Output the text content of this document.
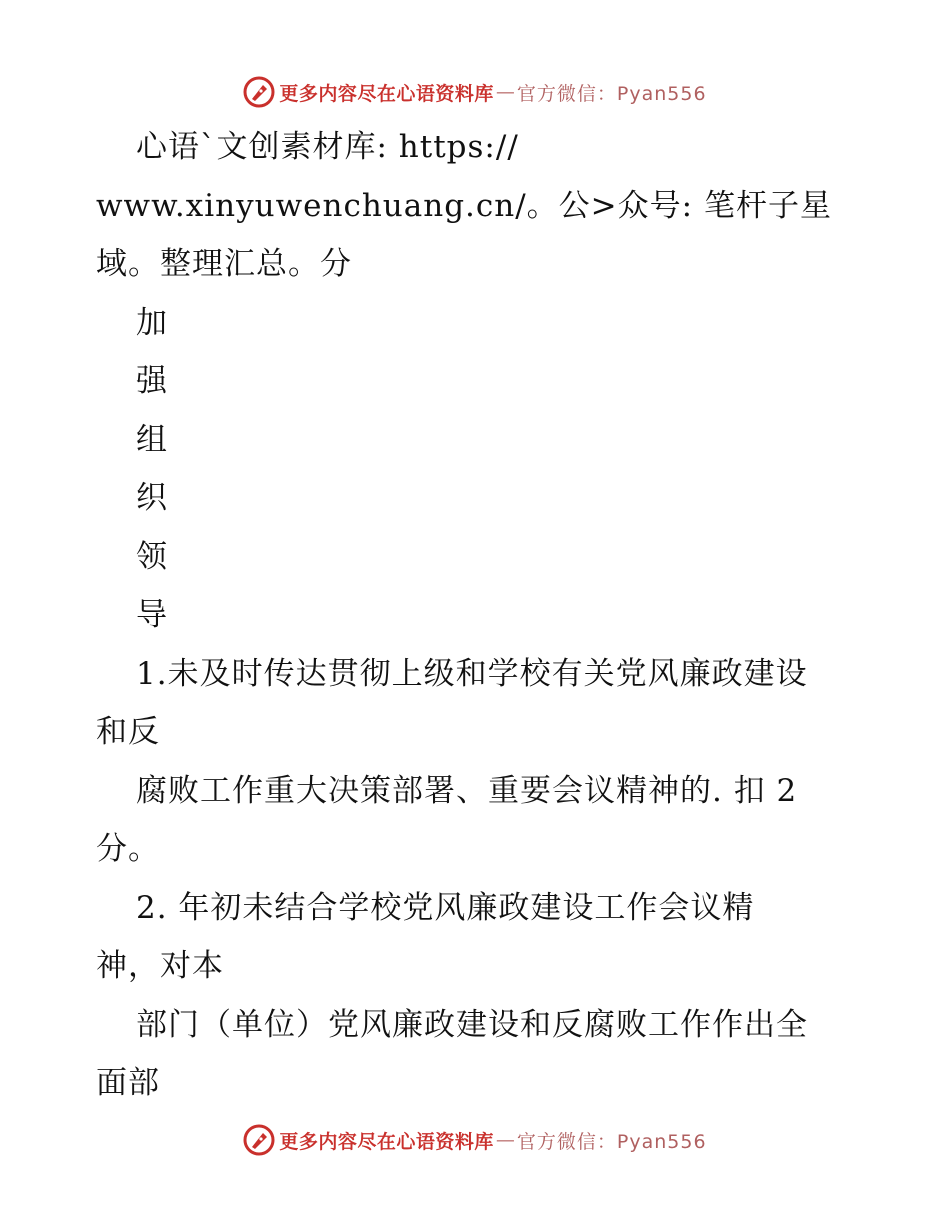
更多内容尽在心语资料库 — 官方微信：Pyan556
心语`文创素材库: https://
www.xinyuwenchuang.cn/。公>众号: 笔杆子星
域。整理汇总。分
加
强
组
织
领
导
1.未及时传达贯彻上级和学校有关党风廉政建设
和反
腐败工作重大决策部署、重要会议精神的. 扣 2
分。
2. 年初未结合学校党风廉政建设工作会议精
神，对本
部门（单位）党风廉政建设和反腐败工作作出全
面部
更多内容尽在心语资料库 — 官方微信：Pyan556
